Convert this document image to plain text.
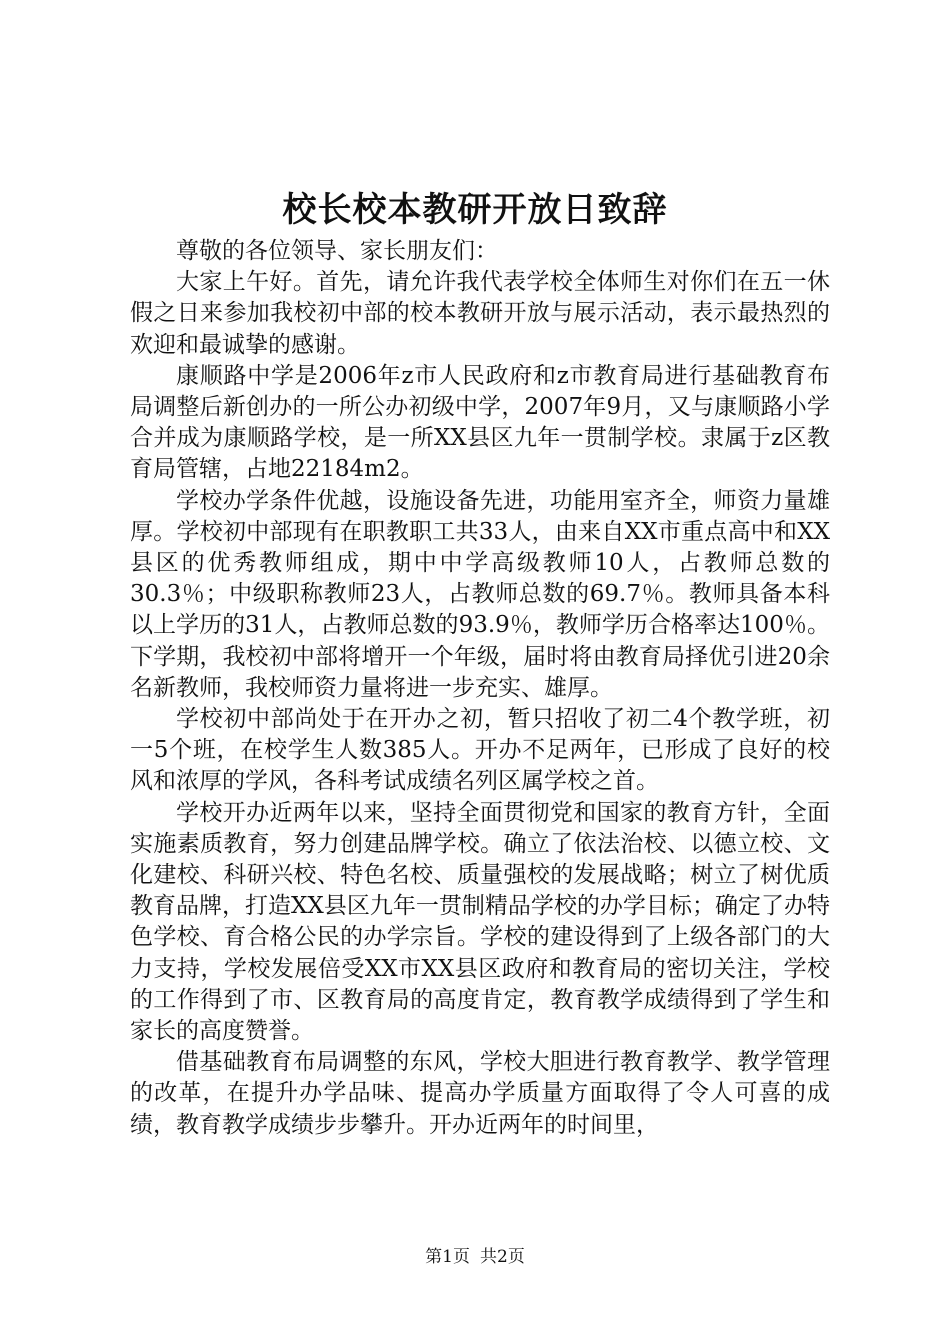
校长校本教研开放日致辞

尊敬的各位领导、家长朋友们：

大家上午好。首先，请允许我代表学校全体师生对你们在五一休假之日来参加我校初中部的校本教研开放与展示活动，表示最热烈的欢迎和最诚挚的感谢。

康顺路中学是2006年z市人民政府和z市教育局进行基础教育布局调整后新创办的一所公办初级中学，2007年9月，又与康顺路小学合并成为康顺路学校，是一所XX县区九年一贯制学校。隶属于z区教育局管辖，占地22184m2。

学校办学条件优越，设施设备先进，功能用室齐全，师资力量雄厚。学校初中部现有在职教职工共33人，由来自XX市重点高中和XX县区的优秀教师组成，期中中学高级教师10人，占教师总数的30.3％；中级职称教师23人，占教师总数的69.7％。教师具备本科以上学历的31人，占教师总数的93.9％，教师学历合格率达100％。下学期，我校初中部将增开一个年级，届时将由教育局择优引进20余名新教师，我校师资力量将进一步充实、雄厚。

学校初中部尚处于在开办之初，暂只招收了初二4个教学班，初一5个班，在校学生人数385人。开办不足两年，已形成了良好的校风和浓厚的学风，各科考试成绩名列区属学校之首。

学校开办近两年以来，坚持全面贯彻党和国家的教育方针，全面实施素质教育，努力创建品牌学校。确立了依法治校、以德立校、文化建校、科研兴校、特色名校、质量强校的发展战略；树立了树优质教育品牌，打造XX县区九年一贯制精品学校的办学目标；确定了办特色学校、育合格公民的办学宗旨。学校的建设得到了上级各部门的大力支持，学校发展倍受XX市XX县区政府和教育局的密切关注，学校的工作得到了市、区教育局的高度肯定，教育教学成绩得到了学生和家长的高度赞誉。

借基础教育布局调整的东风，学校大胆进行教育教学、教学管理的改革，在提升办学品味、提高办学质量方面取得了令人可喜的成绩，教育教学成绩步步攀升。开办近两年的时间里，

第1页 共2页
